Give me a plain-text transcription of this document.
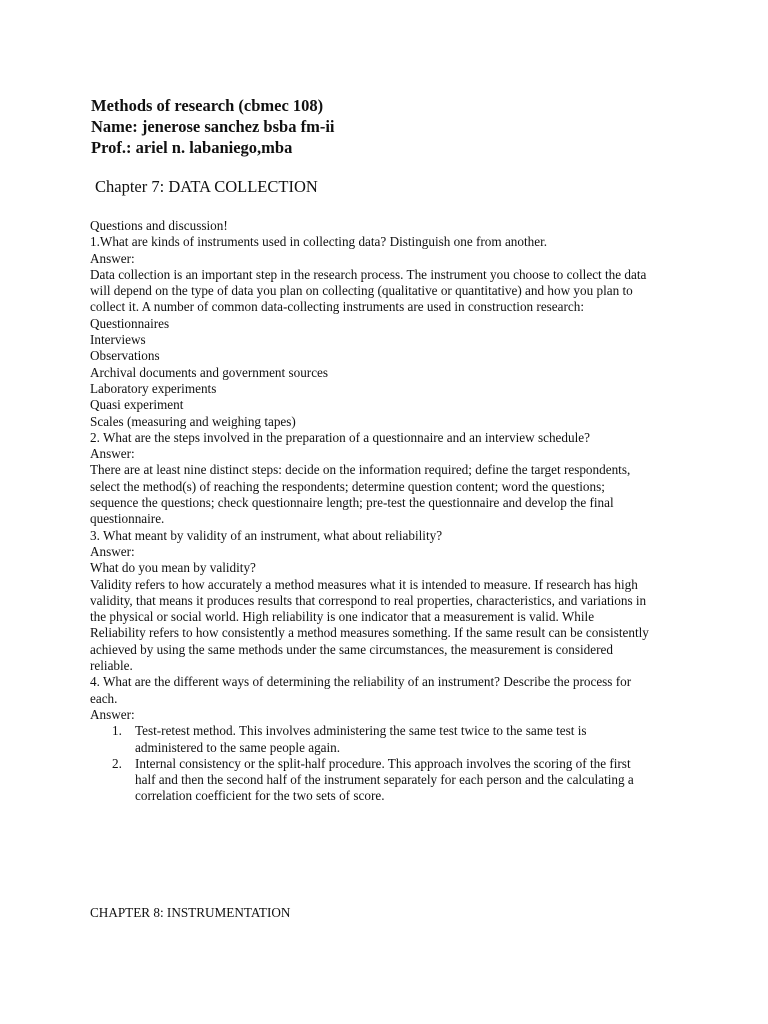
Methods of research (cbmec 108)
Name: jenerose sanchez bsba fm-ii
Prof.: ariel n. labaniego,mba
Chapter 7: DATA COLLECTION

Questions and discussion!

1.What are kinds of instruments used in collecting data? Distinguish one from another.

Answer:

Data collection is an important step in the research process. The instrument you choose to collect the data

will depend on the type of data you plan on collecting (qualitative or quantitative) and how you plan to

collect it. A number of common data-collecting instruments are used in construction research:

Questionnaires

Interviews

Observations

Archival documents and government sources

Laboratory experiments

Quasi experiment

Scales (measuring and weighing tapes)

2. What are the steps involved in the preparation of a questionnaire and an interview schedule?

Answer:

There are at least nine distinct steps: decide on the information required; define the target respondents,

select the method(s) of reaching the respondents; determine question content; word the questions;

sequence the questions; check questionnaire length; pre-test the questionnaire and develop the final

questionnaire.

3. What meant by validity of an instrument, what about reliability?

Answer:

What do you mean by validity?

Validity refers to how accurately a method measures what it is intended to measure. If research has high

validity, that means it produces results that correspond to real properties, characteristics, and variations in

the physical or social world. High reliability is one indicator that a measurement is valid. While

Reliability refers to how consistently a method measures something. If the same result can be consistently

achieved by using the same methods under the same circumstances, the measurement is considered

reliable.

4. What are the different ways of determining the reliability of an instrument? Describe the process for

each.

Answer:

1. Test-retest method. This involves administering the same test twice to the same test is
administered to the same people again.
2. Internal consistency or the split-half procedure. This approach involves the scoring of the first
half and then the second half of the instrument separately for each person and the calculating a
correlation coefficient for the two sets of score.
CHAPTER 8: INSTRUMENTATION
